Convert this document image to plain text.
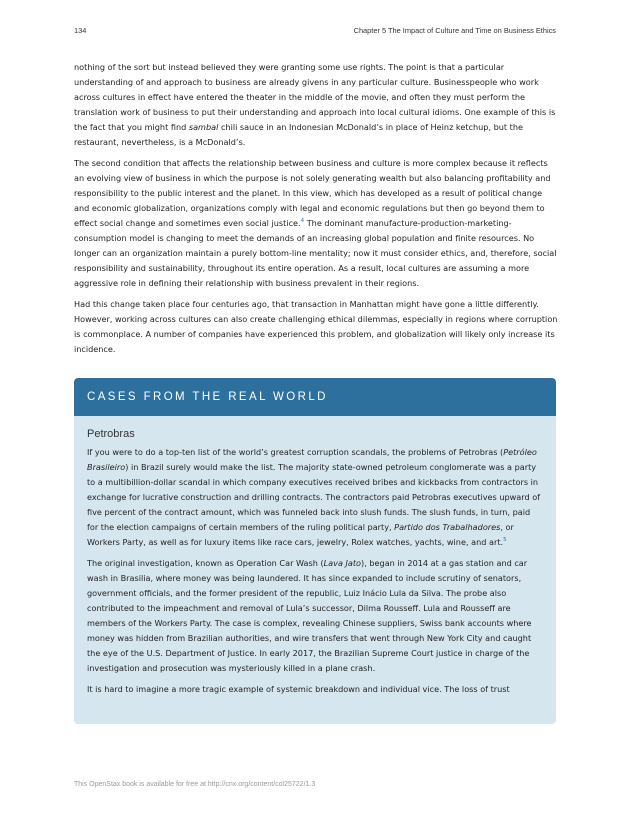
134	Chapter 5 The Impact of Culture and Time on Business Ethics

nothing of the sort but instead believed they were granting some use rights. The point is that a particular understanding of and approach to business are already givens in any particular culture. Businesspeople who work across cultures in effect have entered the theater in the middle of the movie, and often they must perform the translation work of business to put their understanding and approach into local cultural idioms. One example of this is the fact that you might find sambal chili sauce in an Indonesian McDonald’s in place of Heinz ketchup, but the restaurant, nevertheless, is a McDonald’s.

The second condition that affects the relationship between business and culture is more complex because it reflects an evolving view of business in which the purpose is not solely generating wealth but also balancing profitability and responsibility to the public interest and the planet. In this view, which has developed as a result of political change and economic globalization, organizations comply with legal and economic regulations but then go beyond them to effect social change and sometimes even social justice.$^4$ The dominant manufacture-production-marketing-consumption model is changing to meet the demands of an increasing global population and finite resources. No longer can an organization maintain a purely bottom-line mentality; now it must consider ethics, and, therefore, social responsibility and sustainability, throughout its entire operation. As a result, local cultures are assuming a more aggressive role in defining their relationship with business prevalent in their regions.

Had this change taken place four centuries ago, that transaction in Manhattan might have gone a little differently. However, working across cultures can also create challenging ethical dilemmas, especially in regions where corruption is commonplace. A number of companies have experienced this problem, and globalization will likely only increase its incidence.

CASES FROM THE REAL WORLD
Petrobras

If you were to do a top-ten list of the world’s greatest corruption scandals, the problems of Petrobras (Petróleo Brasileiro) in Brazil surely would make the list. The majority state-owned petroleum conglomerate was a party to a multibillion-dollar scandal in which company executives received bribes and kickbacks from contractors in exchange for lucrative construction and drilling contracts. The contractors paid Petrobras executives upward of five percent of the contract amount, which was funneled back into slush funds. The slush funds, in turn, paid for the election campaigns of certain members of the ruling political party, Partido dos Trabalhadores, or Workers Party, as well as for luxury items like race cars, jewelry, Rolex watches, yachts, wine, and art.$^5$

The original investigation, known as Operation Car Wash (Lava Jato), began in 2014 at a gas station and car wash in Brasilia, where money was being laundered. It has since expanded to include scrutiny of senators, government officials, and the former president of the republic, Luiz Inácio Lula da Silva. The probe also contributed to the impeachment and removal of Lula’s successor, Dilma Rousseff. Lula and Rousseff are members of the Workers Party. The case is complex, revealing Chinese suppliers, Swiss bank accounts where money was hidden from Brazilian authorities, and wire transfers that went through New York City and caught the eye of the U.S. Department of Justice. In early 2017, the Brazilian Supreme Court justice in charge of the investigation and prosecution was mysteriously killed in a plane crash.

It is hard to imagine a more tragic example of systemic breakdown and individual vice. The loss of trust

This OpenStax book is available for free at http://cnx.org/content/col25722/1.3
